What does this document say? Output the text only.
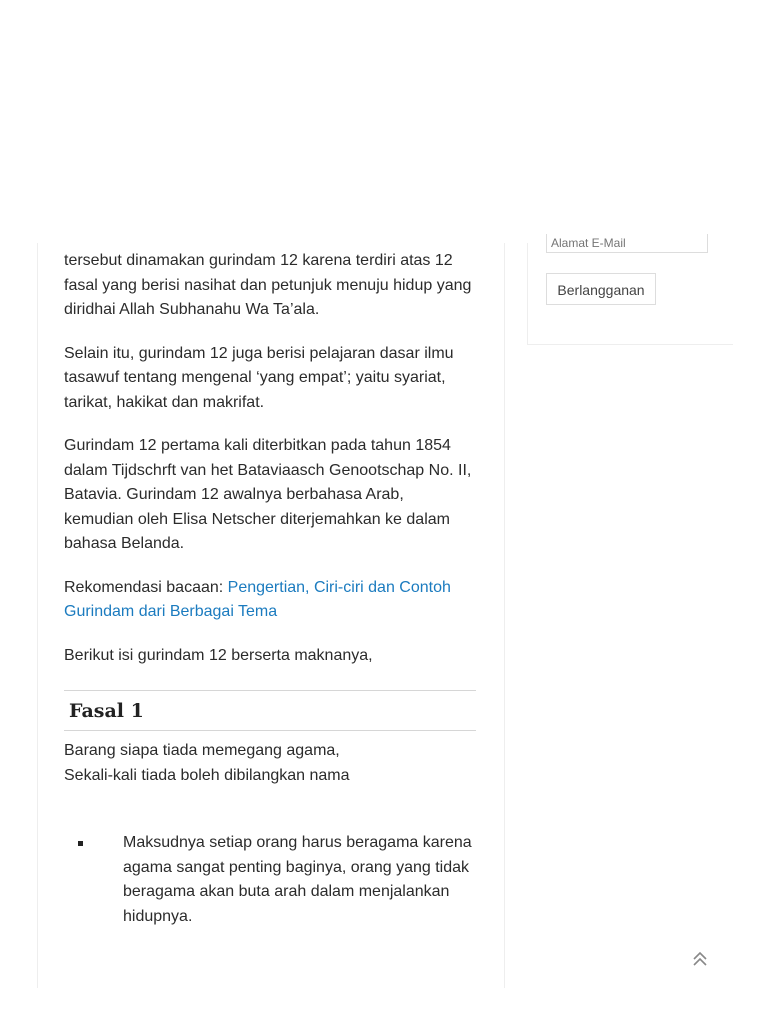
tersebut dinamakan gurindam 12 karena terdiri atas 12 fasal yang berisi nasihat dan petunjuk menuju hidup yang diridhai Allah Subhanahu Wa Ta’ala.

Selain itu, gurindam 12 juga berisi pelajaran dasar ilmu tasawuf tentang mengenal ‘yang empat’; yaitu syariat, tarikat, hakikat dan makrifat.

Gurindam 12 pertama kali diterbitkan pada tahun 1854 dalam Tijdschrft van het Bataviaasch Genootschap No. II, Batavia. Gurindam 12 awalnya berbahasa Arab, kemudian oleh Elisa Netscher diterjemahkan ke dalam bahasa Belanda.

Rekomendasi bacaan: Pengertian, Ciri-ciri dan Contoh Gurindam dari Berbagai Tema

Berikut isi gurindam 12 berserta maknanya,

Fasal 1
Barang siapa tiada memegang agama,
Sekali-kali tiada boleh dibilangkan nama
Maksudnya setiap orang harus beragama karena agama sangat penting baginya, orang yang tidak beragama akan buta arah dalam menjalankan hidupnya.
Alamat E-Mail
Berlangganan
